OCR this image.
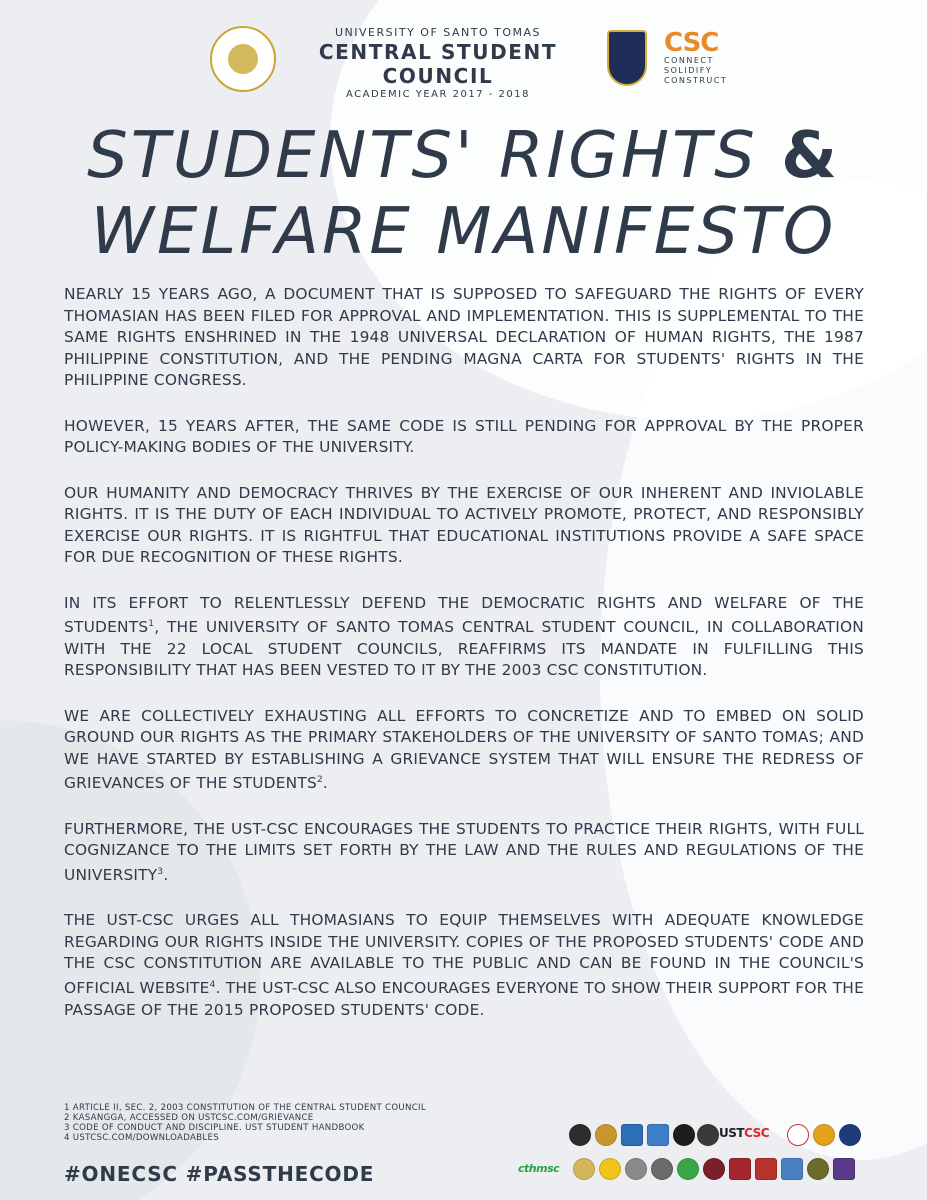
UNIVERSITY OF SANTO TOMAS
CENTRAL STUDENT COUNCIL
ACADEMIC YEAR 2017 - 2018
CSC
CONNECT
SOLIDIFY
CONSTRUCT
STUDENTS' RIGHTS &
WELFARE MANIFESTO

NEARLY 15 YEARS AGO, A DOCUMENT THAT IS SUPPOSED TO SAFEGUARD THE RIGHTS OF EVERY THOMASIAN HAS BEEN FILED FOR APPROVAL AND IMPLEMENTATION. THIS IS SUPPLEMENTAL TO THE SAME RIGHTS ENSHRINED IN THE 1948 UNIVERSAL DECLARATION OF HUMAN RIGHTS, THE 1987 PHILIPPINE CONSTITUTION, AND THE PENDING MAGNA CARTA FOR STUDENTS' RIGHTS IN THE PHILIPPINE CONGRESS.

HOWEVER, 15 YEARS AFTER, THE SAME CODE IS STILL PENDING FOR APPROVAL BY THE PROPER POLICY-MAKING BODIES OF THE UNIVERSITY.

OUR HUMANITY AND DEMOCRACY THRIVES BY THE EXERCISE OF OUR INHERENT AND INVIOLABLE RIGHTS. IT IS THE DUTY OF EACH INDIVIDUAL TO ACTIVELY PROMOTE, PROTECT, AND RESPONSIBLY EXERCISE OUR RIGHTS. IT IS RIGHTFUL THAT EDUCATIONAL INSTITUTIONS PROVIDE A SAFE SPACE FOR DUE RECOGNITION OF THESE RIGHTS.

IN ITS EFFORT TO RELENTLESSLY DEFEND THE DEMOCRATIC RIGHTS AND WELFARE OF THE STUDENTS$^1$, THE UNIVERSITY OF SANTO TOMAS CENTRAL STUDENT COUNCIL, IN COLLABORATION WITH THE 22 LOCAL STUDENT COUNCILS, REAFFIRMS ITS MANDATE IN FULFILLING THIS RESPONSIBILITY THAT HAS BEEN VESTED TO IT BY THE 2003 CSC CONSTITUTION.

WE ARE COLLECTIVELY EXHAUSTING ALL EFFORTS TO CONCRETIZE AND TO EMBED ON SOLID GROUND OUR RIGHTS AS THE PRIMARY STAKEHOLDERS OF THE UNIVERSITY OF SANTO TOMAS; AND WE HAVE STARTED BY ESTABLISHING A GRIEVANCE SYSTEM THAT WILL ENSURE THE REDRESS OF GRIEVANCES OF THE STUDENTS$^2$.

FURTHERMORE, THE UST-CSC ENCOURAGES THE STUDENTS TO PRACTICE THEIR RIGHTS, WITH FULL COGNIZANCE TO THE LIMITS SET FORTH BY THE LAW AND THE RULES AND REGULATIONS OF THE UNIVERSITY$^3$.

THE UST-CSC URGES ALL THOMASIANS TO EQUIP THEMSELVES WITH ADEQUATE KNOWLEDGE REGARDING OUR RIGHTS INSIDE THE UNIVERSITY. COPIES OF THE PROPOSED STUDENTS' CODE AND THE CSC CONSTITUTION ARE AVAILABLE TO THE PUBLIC AND CAN BE FOUND IN THE COUNCIL'S OFFICIAL WEBSITE$^4$. THE UST-CSC ALSO ENCOURAGES EVERYONE TO SHOW THEIR SUPPORT FOR THE PASSAGE OF THE 2015 PROPOSED STUDENTS' CODE.

1 ARTICLE II, SEC. 2, 2003 CONSTITUTION OF THE CENTRAL STUDENT COUNCIL
2 KASANGGA, ACCESSED ON USTCSC.COM/GRIEVANCE
3 CODE OF CONDUCT AND DISCIPLINE. UST STUDENT HANDBOOK
4 USTCSC.COM/DOWNLOADABLES
#ONECSC #PASSTHECODE
USTCSC
cthmsc
